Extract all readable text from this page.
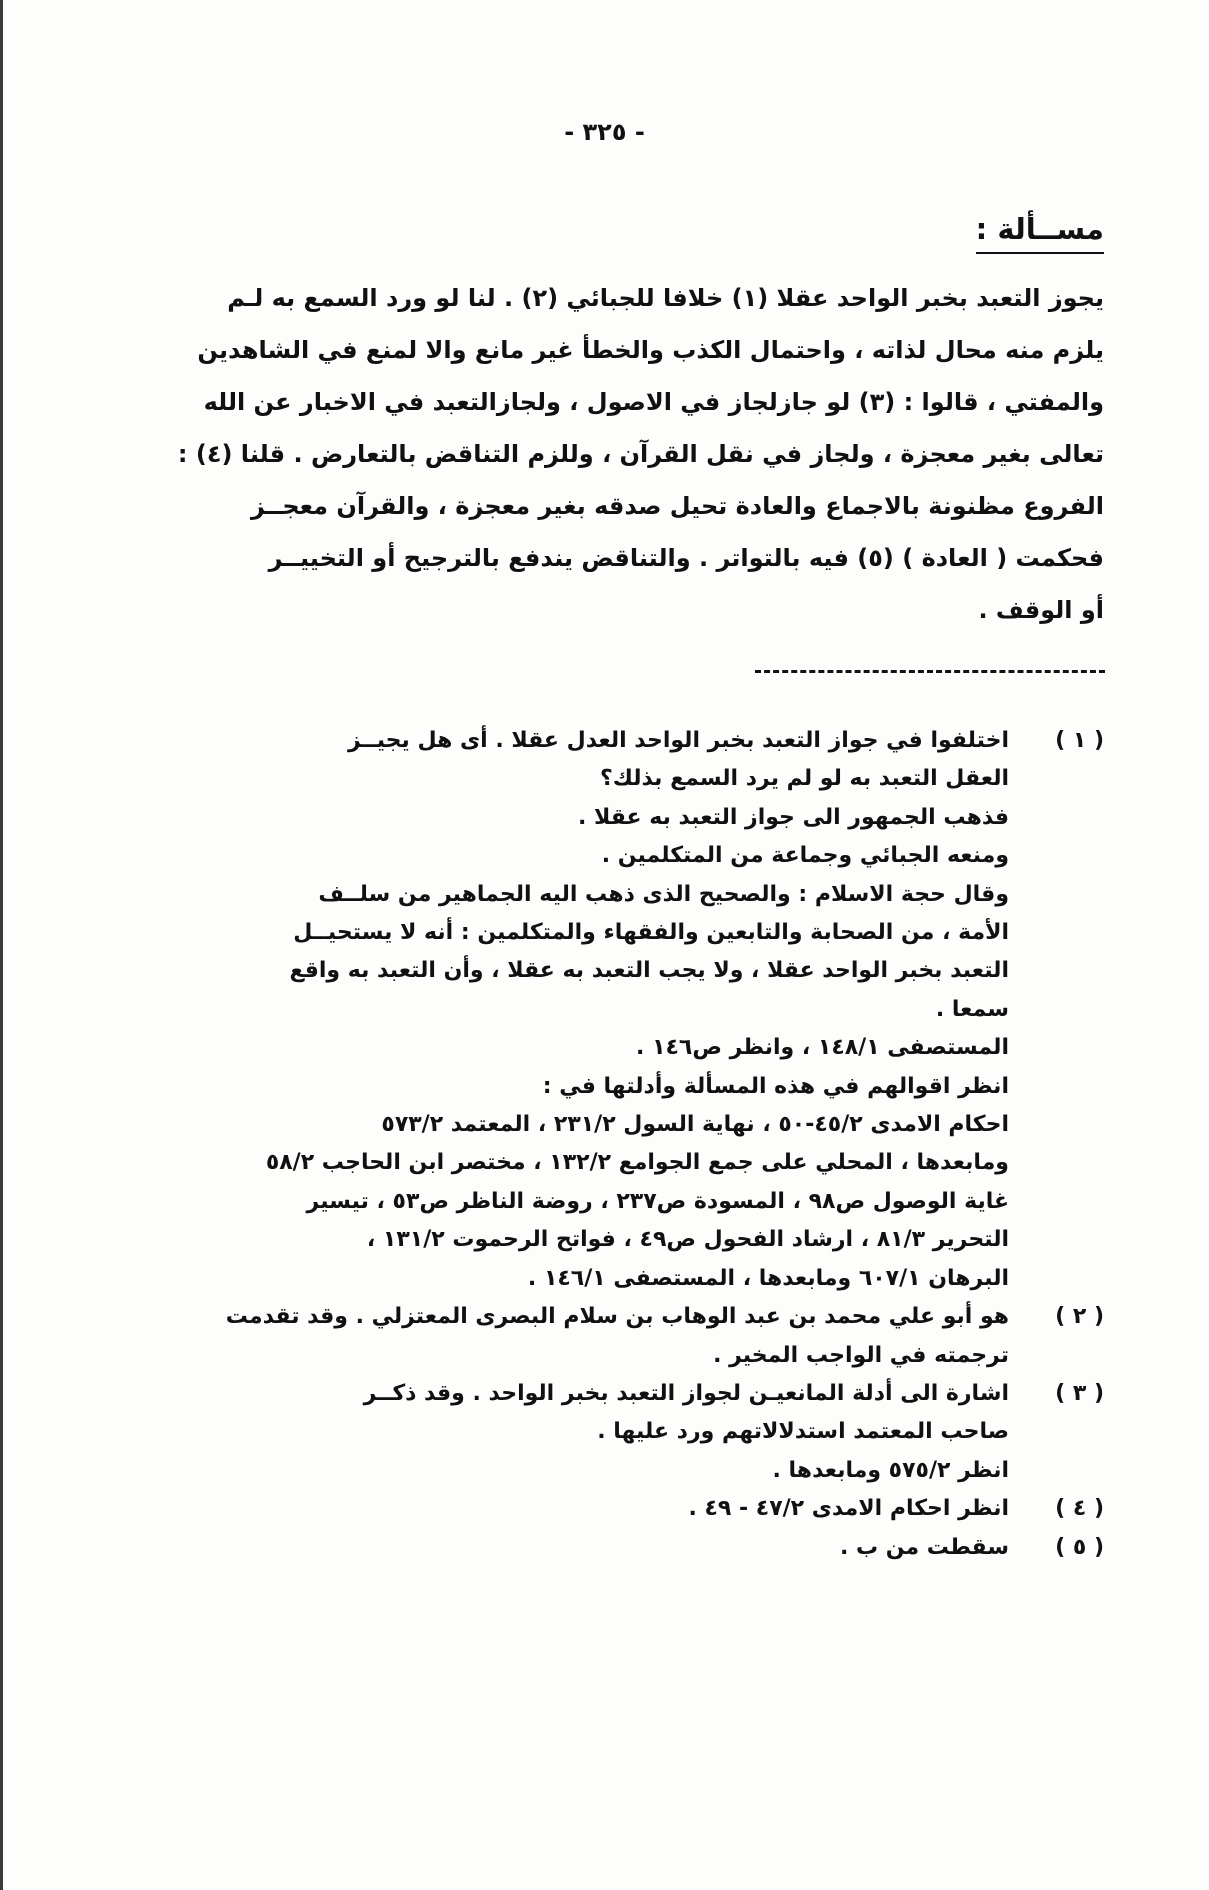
- ٣٢٥ -
مســألة :

يجوز التعبد بخبر الواحد عقلا (١) خلافا للجبائي (٢) . لنا لو ورد السمع به لـم

يلزم منه محال لذاته ، واحتمال الكذب والخطأ غير مانع والا لمنع في الشاهدين

والمفتي ، قالوا : (٣) لو جازلجاز في الاصول ، ولجازالتعبد في الاخبار عن الله

تعالى بغير معجزة ، ولجاز في نقل القرآن ، وللزم التناقض بالتعارض . قلنا (٤) :

الفروع مظنونة بالاجماع والعادة تحيل صدقه بغير معجزة ، والقرآن معجــز

فحكمت ( العادة ) (٥) فيه بالتواتر . والتناقض يندفع بالترجيح أو التخييــر

أو الوقف .

( ١ )
اختلفوا في جواز التعبد بخبر الواحد العدل عقلا . أى هل يجيــز
العقل التعبد به لو لم يرد السمع بذلك؟
فذهب الجمهور الى جواز التعبد به عقلا .
ومنعه الجبائي وجماعة من المتكلمين .
وقال حجة الاسلام : والصحيح الذى ذهب اليه الجماهير من سلــف
الأمة ، من الصحابة والتابعين والفقهاء والمتكلمين : أنه لا يستحيــل
التعبد بخبر الواحد عقلا ، ولا يجب التعبد به عقلا ، وأن التعبد به واقع
سمعا .
المستصفى ١٤٨/١ ، وانظر ص١٤٦ .
انظر اقوالهم في هذه المسألة وأدلتها في :
احكام الامدى ٤٥/٢-٥٠ ، نهاية السول ٢٣١/٢ ، المعتمد ٥٧٣/٢
ومابعدها ، المحلي على جمع الجوامع ١٣٢/٢ ، مختصر ابن الحاجب ٥٨/٢
غاية الوصول ص٩٨ ، المسودة ص٢٣٧ ، روضة الناظر ص٥٣ ، تيسير
التحرير ٨١/٣ ، ارشاد الفحول ص٤٩ ، فواتح الرحموت ١٣١/٢ ،
البرهان ٦٠٧/١ ومابعدها ، المستصفى ١٤٦/١ .
( ٢ )
هو أبو علي محمد بن عبد الوهاب بن سلام البصرى المعتزلي . وقد تقدمت
ترجمته في الواجب المخير .
( ٣ )
اشارة الى أدلة المانعيـن لجواز التعبد بخبر الواحد . وقد ذكــر
صاحب المعتمد استدلالاتهم ورد عليها .
انظر ٥٧٥/٢ ومابعدها .
( ٤ )
انظر احكام الامدى ٤٧/٢ - ٤٩ .
( ٥ )
سقطت من ب .
